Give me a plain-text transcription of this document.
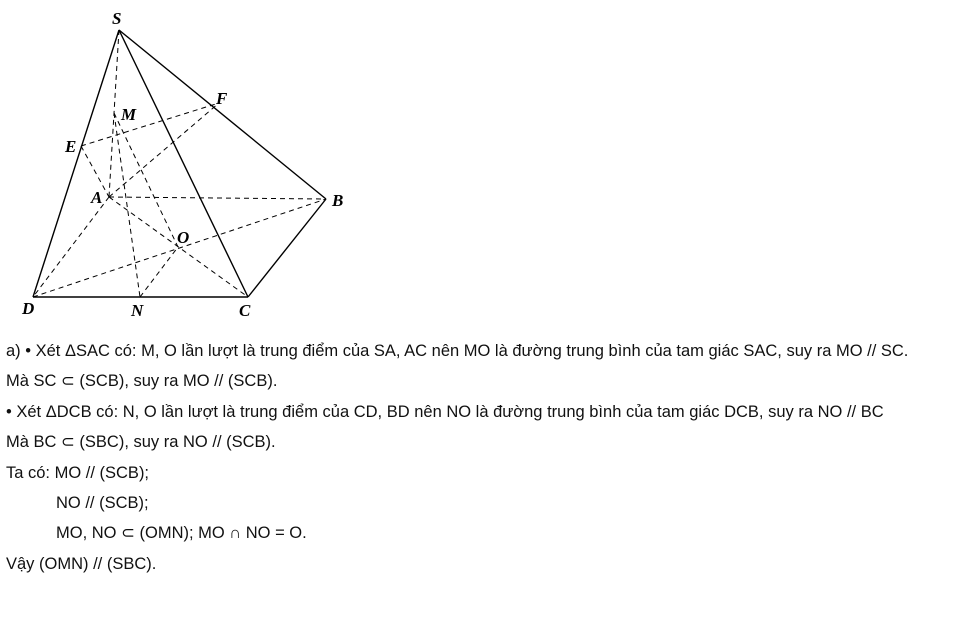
S
M
F
E
A	B
O
D	N	C
a) • Xét ΔSAC có: M, O lần lượt là trung điểm của SA, AC nên MO là đường trung bình của tam giác SAC, suy ra MO // SC.
Mà SC ⊂ (SCB), suy ra MO // (SCB).
• Xét ΔDCB có: N, O lần lượt là trung điểm của CD, BD nên NO là đường trung bình của tam giác DCB, suy ra NO // BC
Mà BC ⊂ (SBC), suy ra NO // (SCB).
Ta có: MO // (SCB);
NO // (SCB);
MO, NO ⊂ (OMN); MO ∩ NO = O.
Vậy (OMN) // (SBC).
